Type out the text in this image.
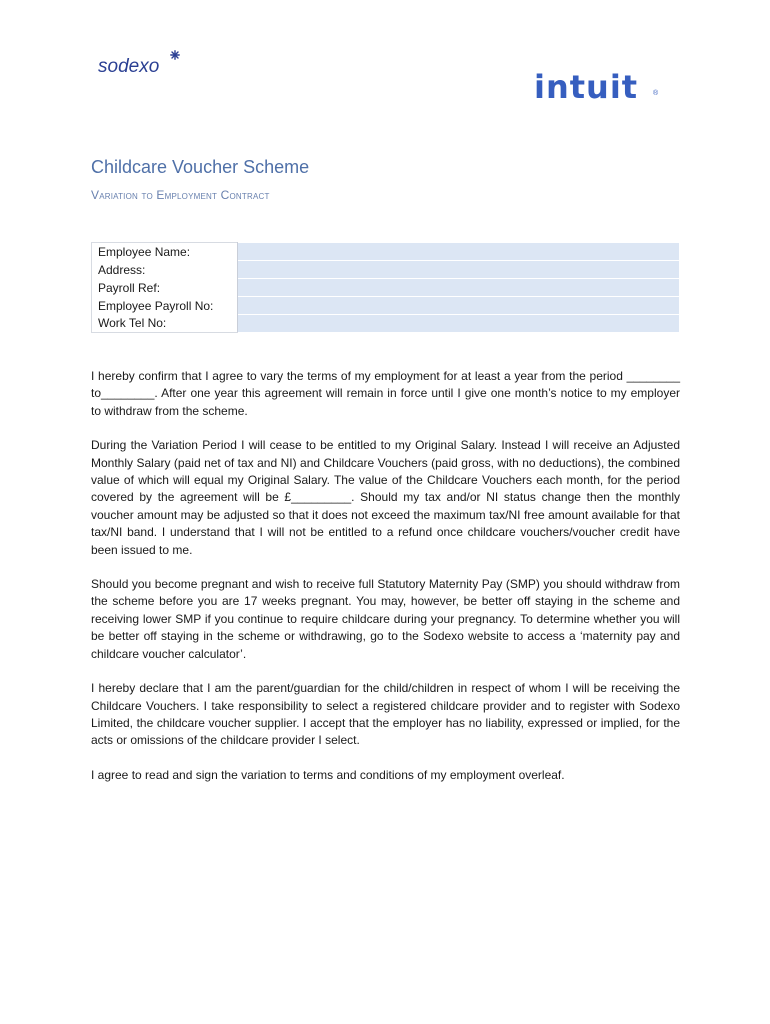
sodexo
intuit ®
Childcare Voucher Scheme
Variation to Employment Contract
Employee Name:	
Address:	
Payroll Ref:	
Employee Payroll No:	
Work Tel No:	

I hereby confirm that I agree to vary the terms of my employment for at least a year from the period ________ to________. After one year this agreement will remain in force until I give one month’s notice to my employer to withdraw from the scheme.

During the Variation Period I will cease to be entitled to my Original Salary. Instead I will receive an Adjusted Monthly Salary (paid net of tax and NI) and Childcare Vouchers (paid gross, with no deductions), the combined value of which will equal my Original Salary. The value of the Childcare Vouchers each month, for the period covered by the agreement will be £_________. Should my tax and/or NI status change then the monthly voucher amount may be adjusted so that it does not exceed the maximum tax/NI free amount available for that tax/NI band. I understand that I will not be entitled to a refund once childcare vouchers/voucher credit have been issued to me.

Should you become pregnant and wish to receive full Statutory Maternity Pay (SMP) you should withdraw from the scheme before you are 17 weeks pregnant. You may, however, be better off staying in the scheme and receiving lower SMP if you continue to require childcare during your pregnancy. To determine whether you will be better off staying in the scheme or withdrawing, go to the Sodexo website to access a ‘maternity pay and childcare voucher calculator’.

I hereby declare that I am the parent/guardian for the child/children in respect of whom I will be receiving the Childcare Vouchers. I take responsibility to select a registered childcare provider and to register with Sodexo Limited, the childcare voucher supplier. I accept that the employer has no liability, expressed or implied, for the acts or omissions of the childcare provider I select.

I agree to read and sign the variation to terms and conditions of my employment overleaf.
